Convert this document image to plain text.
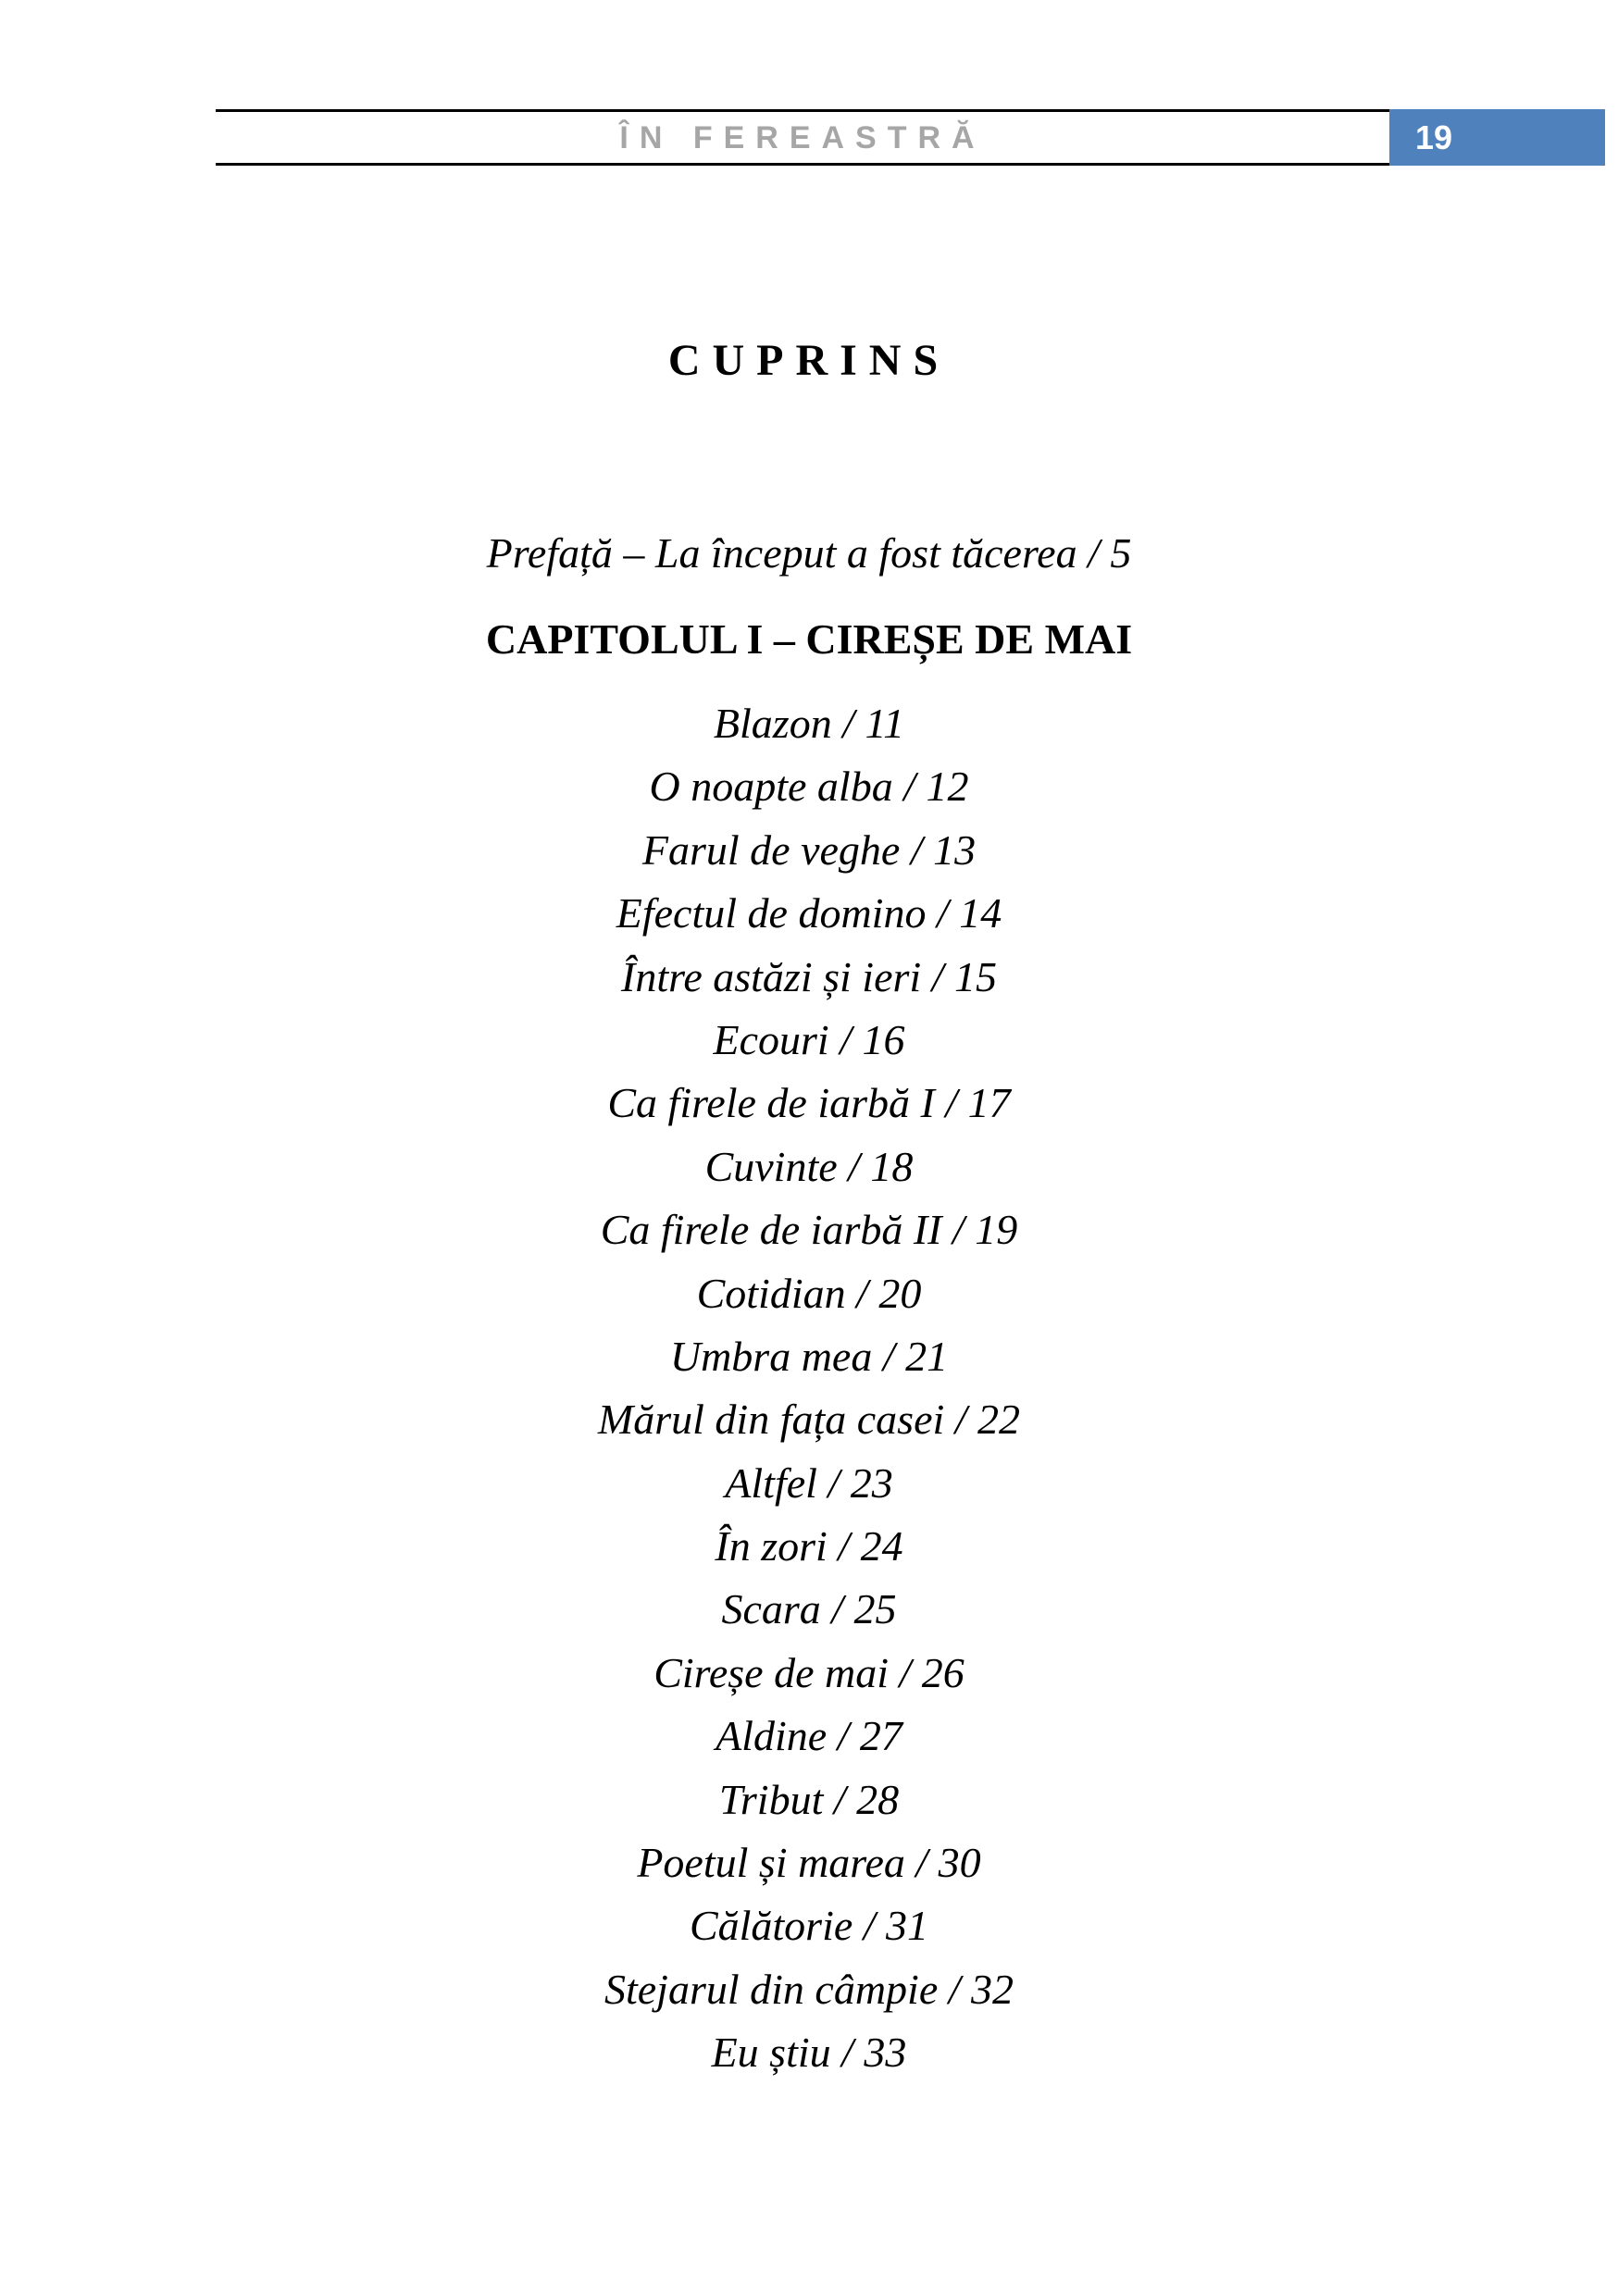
ÎN FEREASTRĂ	19
CUPRINS
Prefață – La început a fost tăcerea / 5
CAPITOLUL I – CIREȘE DE MAI
Blazon / 11
O noapte alba / 12
Farul de veghe / 13
Efectul de domino / 14
Între astăzi și ieri / 15
Ecouri / 16
Ca firele de iarbă I / 17
Cuvinte / 18
Ca firele de iarbă II / 19
Cotidian / 20
Umbra mea / 21
Mărul din fața casei / 22
Altfel / 23
În zori / 24
Scara / 25
Cireșe de mai / 26
Aldine / 27
Tribut / 28
Poetul și marea / 30
Călătorie / 31
Stejarul din câmpie / 32
Eu știu / 33
